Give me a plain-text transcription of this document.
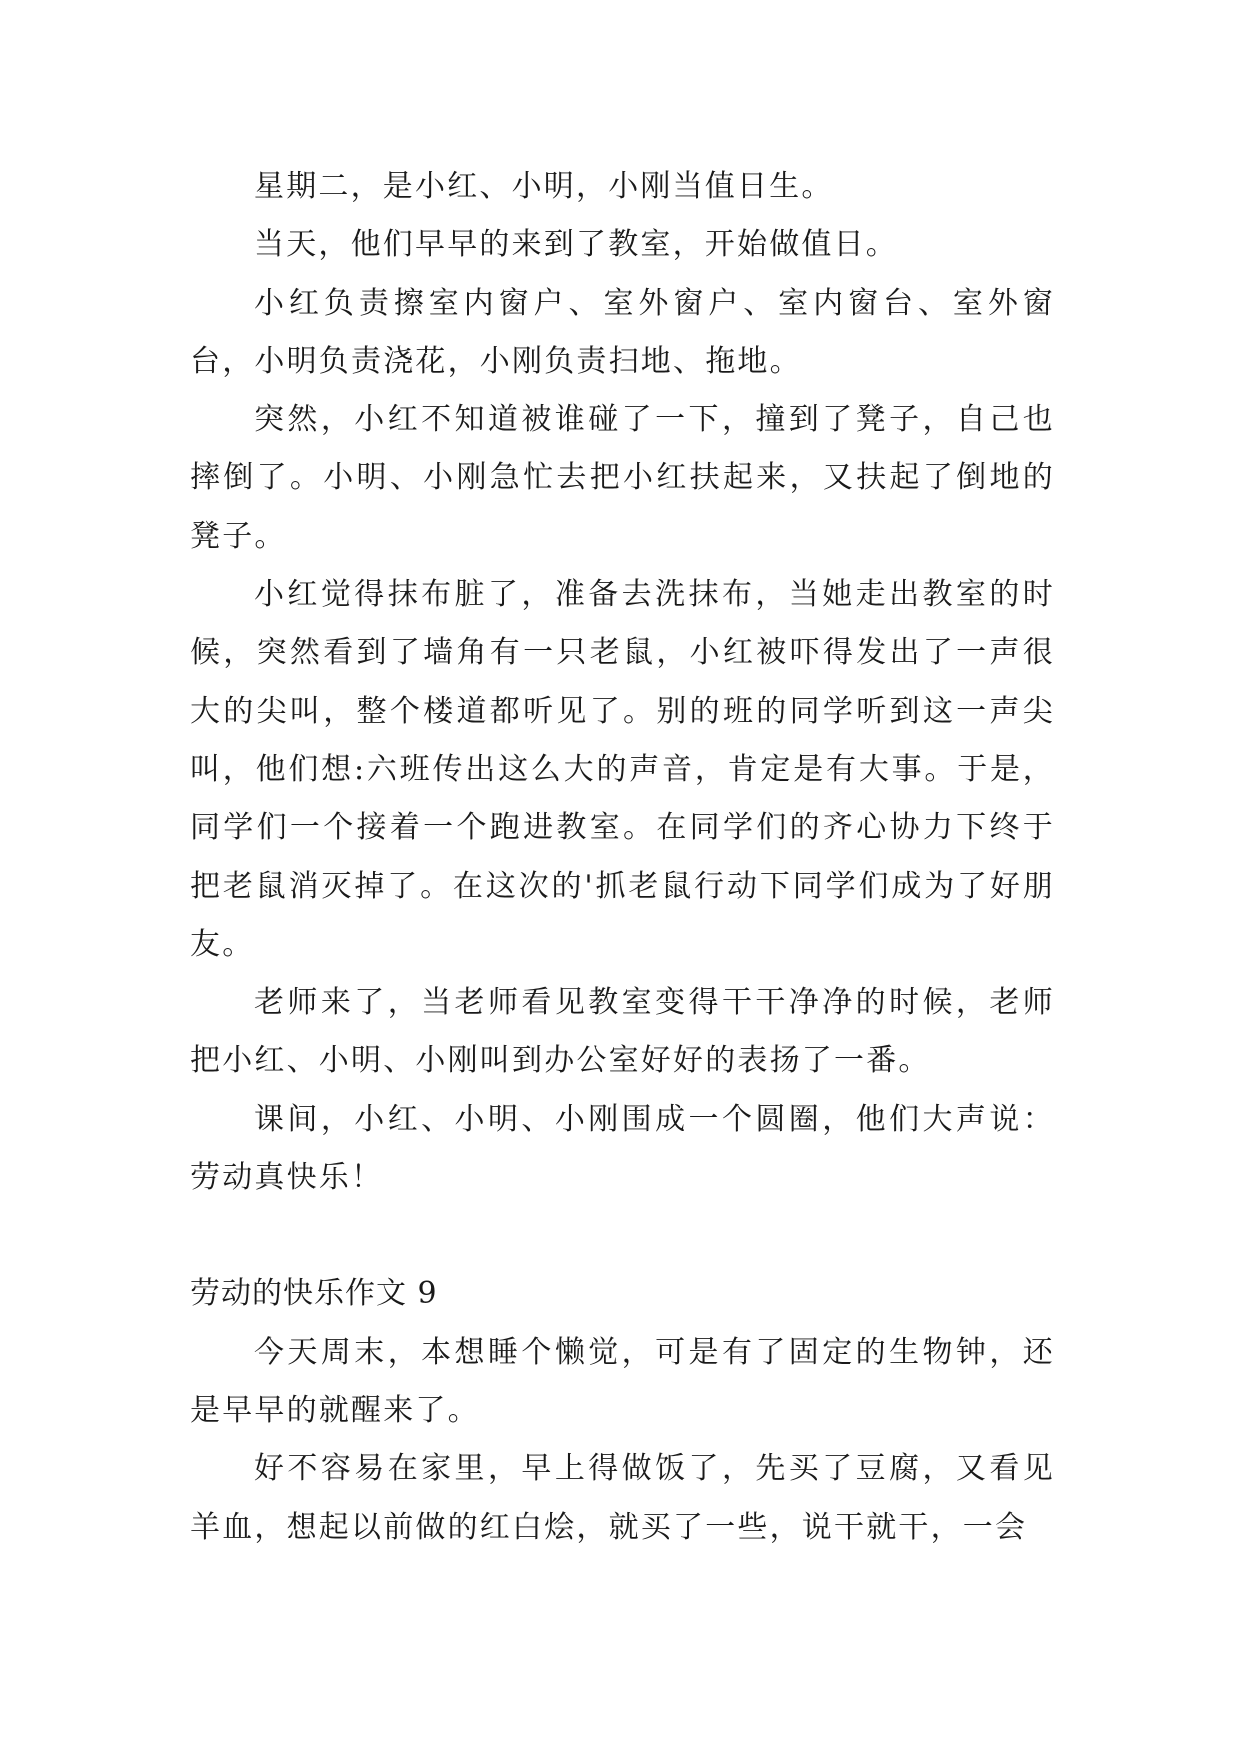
星期二，是小红、小明，小刚当值日生。

当天，他们早早的来到了教室，开始做值日。

小红负责擦室内窗户、室外窗户、室内窗台、室外窗台，小明负责浇花，小刚负责扫地、拖地。

突然，小红不知道被谁碰了一下，撞到了凳子，自己也摔倒了。小明、小刚急忙去把小红扶起来，又扶起了倒地的凳子。

小红觉得抹布脏了，准备去洗抹布，当她走出教室的时候，突然看到了墙角有一只老鼠，小红被吓得发出了一声很大的尖叫，整个楼道都听见了。别的班的同学听到这一声尖叫，他们想:六班传出这么大的声音，肯定是有大事。于是，同学们一个接着一个跑进教室。在同学们的齐心协力下终于把老鼠消灭掉了。在这次的'抓老鼠行动下同学们成为了好朋友。

老师来了，当老师看见教室变得干干净净的时候，老师把小红、小明、小刚叫到办公室好好的表扬了一番。

课间，小红、小明、小刚围成一个圆圈，他们大声说：劳动真快乐！

劳动的快乐作文 9

今天周末，本想睡个懒觉，可是有了固定的生物钟，还是早早的就醒来了。

好不容易在家里，早上得做饭了，先买了豆腐，又看见羊血，想起以前做的红白烩，就买了一些，说干就干，一会
